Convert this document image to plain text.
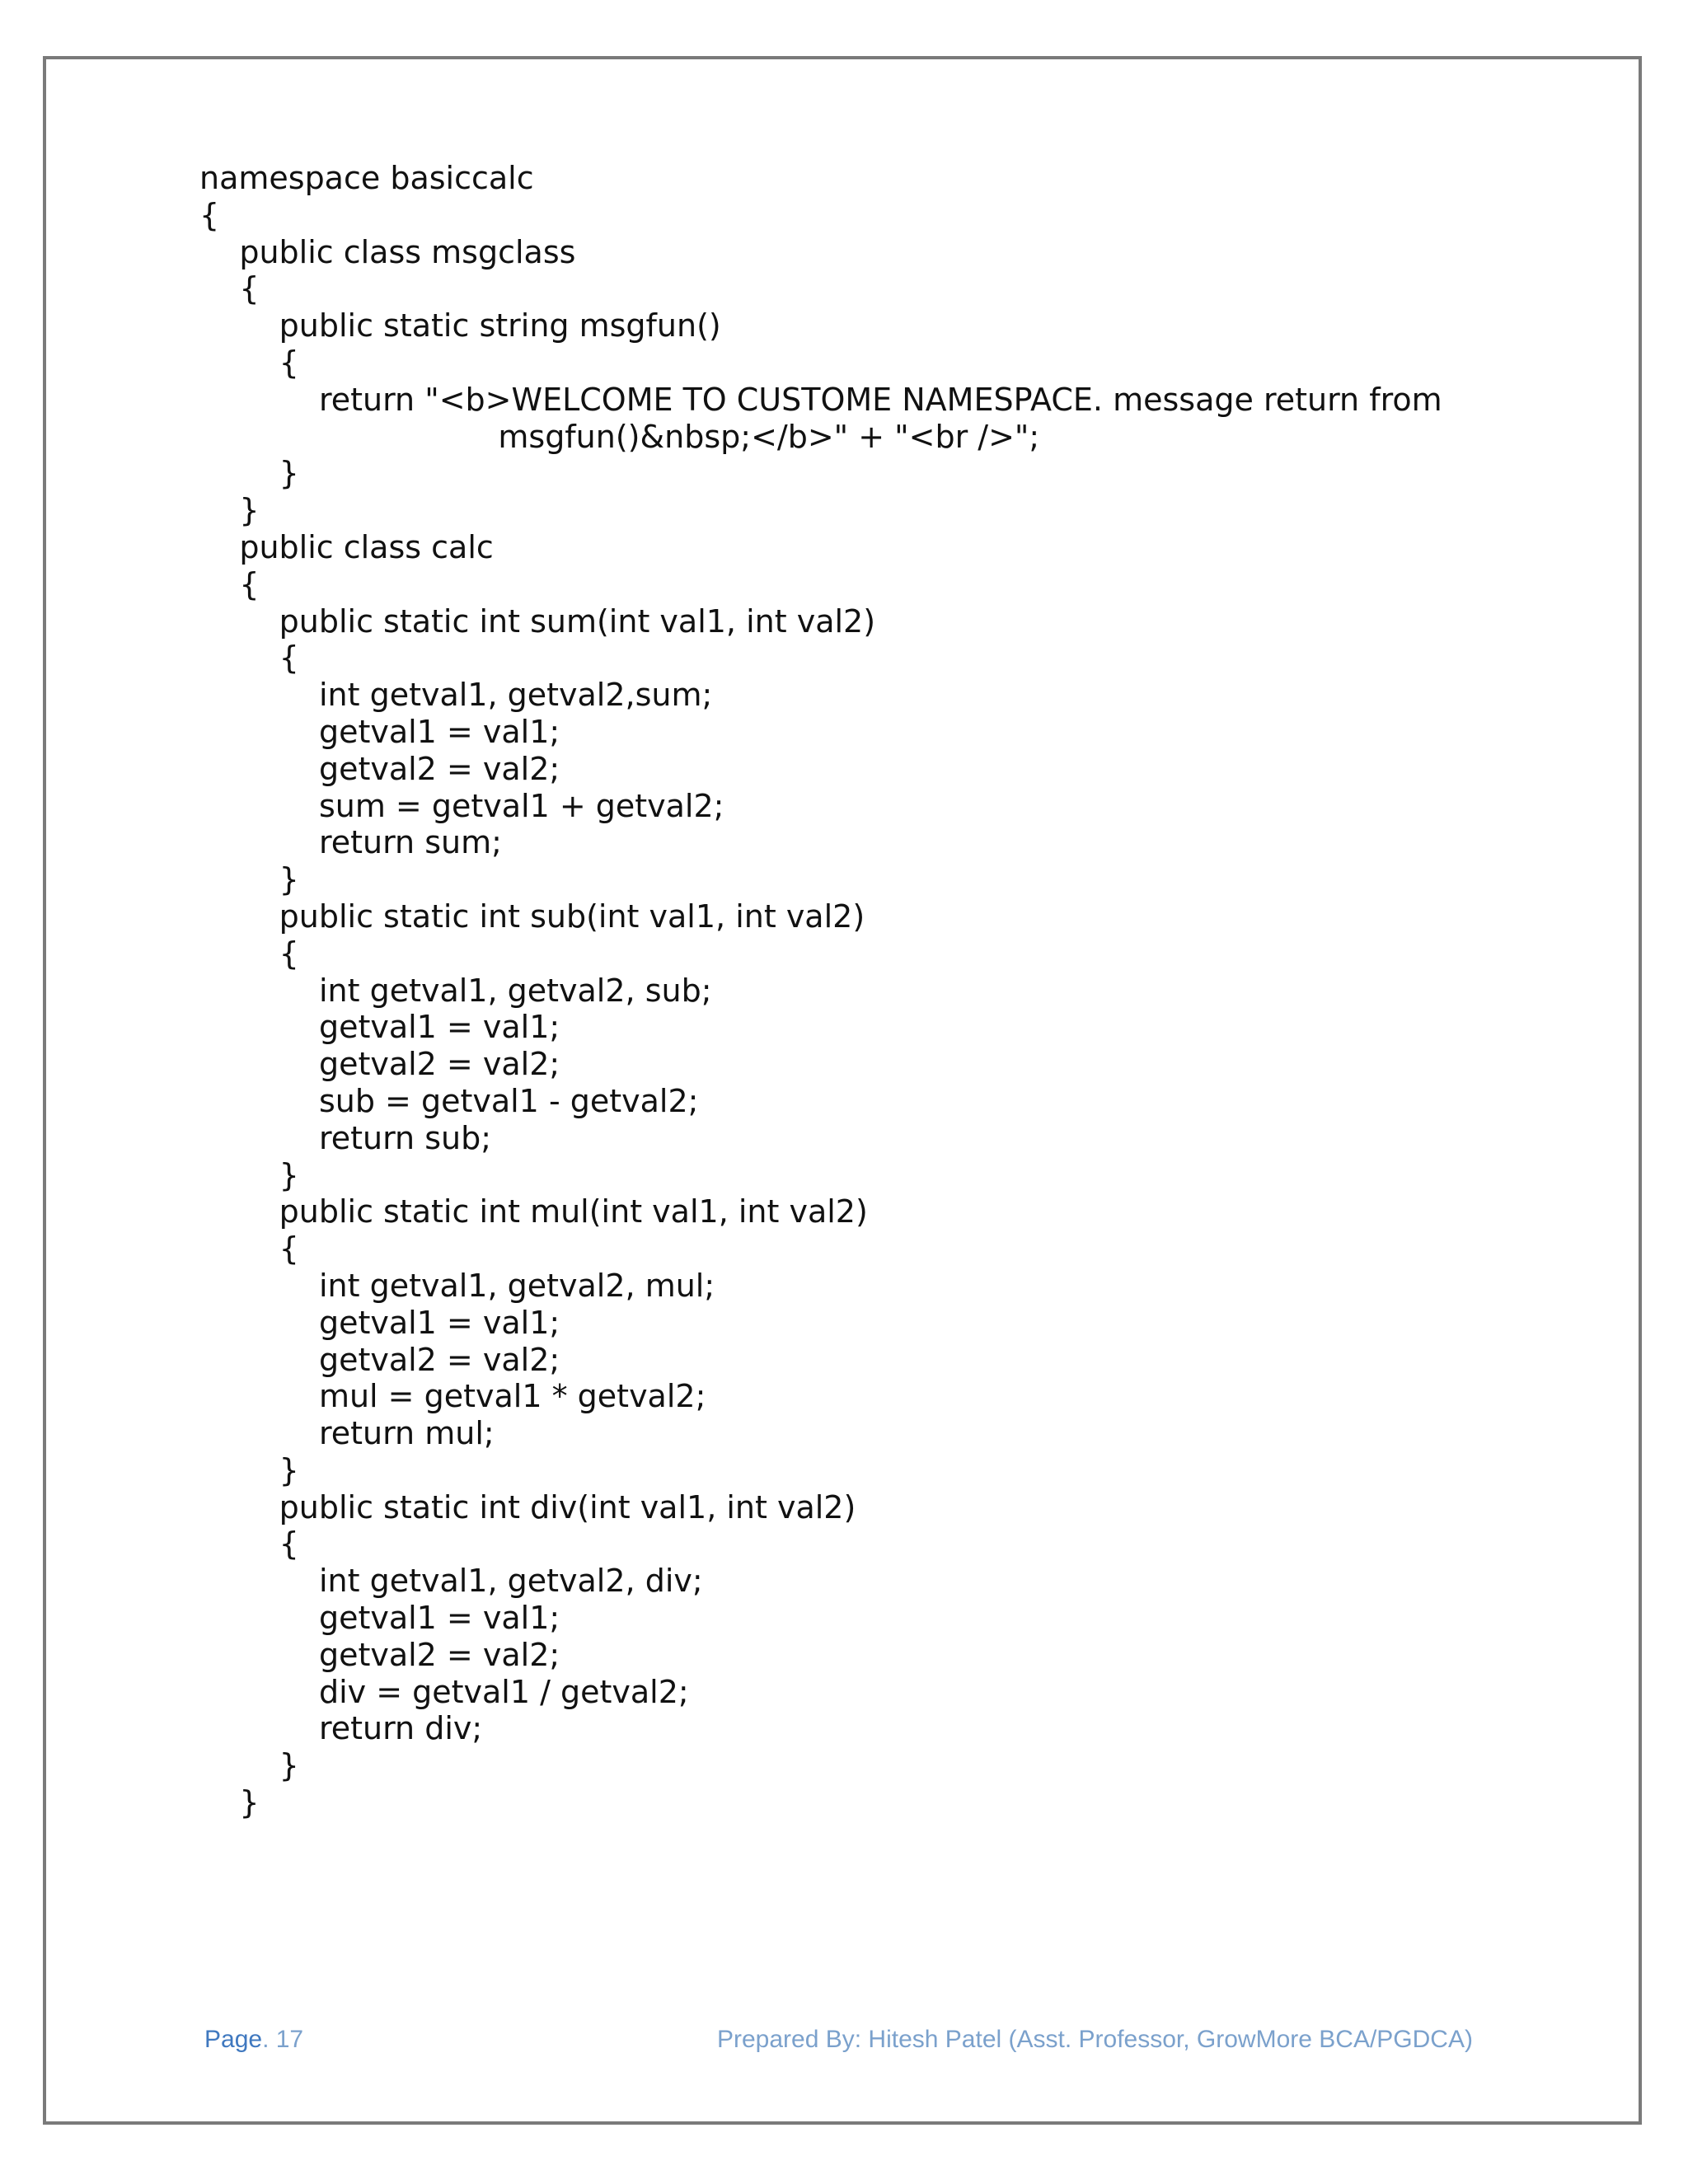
namespace basiccalc
{
public class msgclass
{
public static string msgfun()
{
return "<b>WELCOME TO CUSTOME NAMESPACE. message return from
msgfun()&nbsp;</b>" + "<br />";
}
}
public class calc
{
public static int sum(int val1, int val2)
{
int getval1, getval2,sum;
getval1 = val1;
getval2 = val2;
sum = getval1 + getval2;
return sum;
}
public static int sub(int val1, int val2)
{
int getval1, getval2, sub;
getval1 = val1;
getval2 = val2;
sub = getval1 - getval2;
return sub;
}
public static int mul(int val1, int val2)
{
int getval1, getval2, mul;
getval1 = val1;
getval2 = val2;
mul = getval1 * getval2;
return mul;
}
public static int div(int val1, int val2)
{
int getval1, getval2, div;
getval1 = val1;
getval2 = val2;
div = getval1 / getval2;
return div;
}
}
Page. 17	Prepared By: Hitesh Patel (Asst. Professor, GrowMore BCA/PGDCA)
